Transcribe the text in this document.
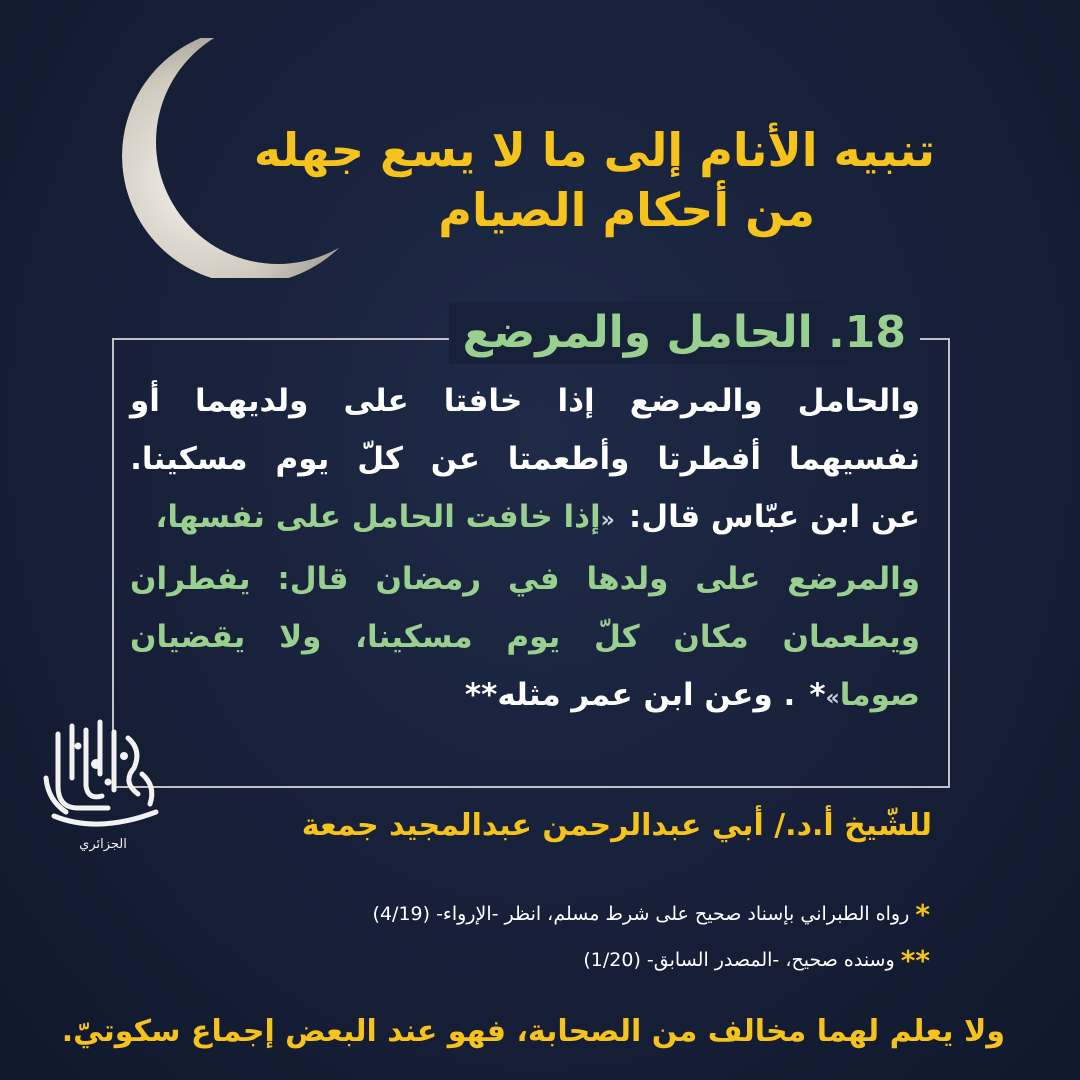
تنبيه الأنام إلى ما لا يسع جهله
من أحكام الصيام
18. الحامل والمرضع
والحامل
والمرضع
إذا
خافتا
على
ولديهما
أو
نفسيهما
أفطرتا
وأطعمتا
عن
كلّ
يوم
مسكينا.
عن ابن عبّاس قال:
«إذا خافت الحامل على نفسها،
والمرضع
على
ولدها
في
رمضان
قال:
يفطران
ويطعمان
مكان
كلّ
يوم
مسكينا،
ولا
يقضيان
صوما»*
. وعن ابن عمر مثله**
الجزائري
للشّيخ أ.د./ أبي عبدالرحمن عبدالمجيد جمعة
* رواه الطبراني بإسناد صحيح على شرط مسلم، انظر -الإرواء- (4/19)
** وسنده صحيح، -المصدر السابق- (1/20)
ولا يعلم لهما مخالف من الصحابة، فهو عند البعض إجماع سكوتيّ.
